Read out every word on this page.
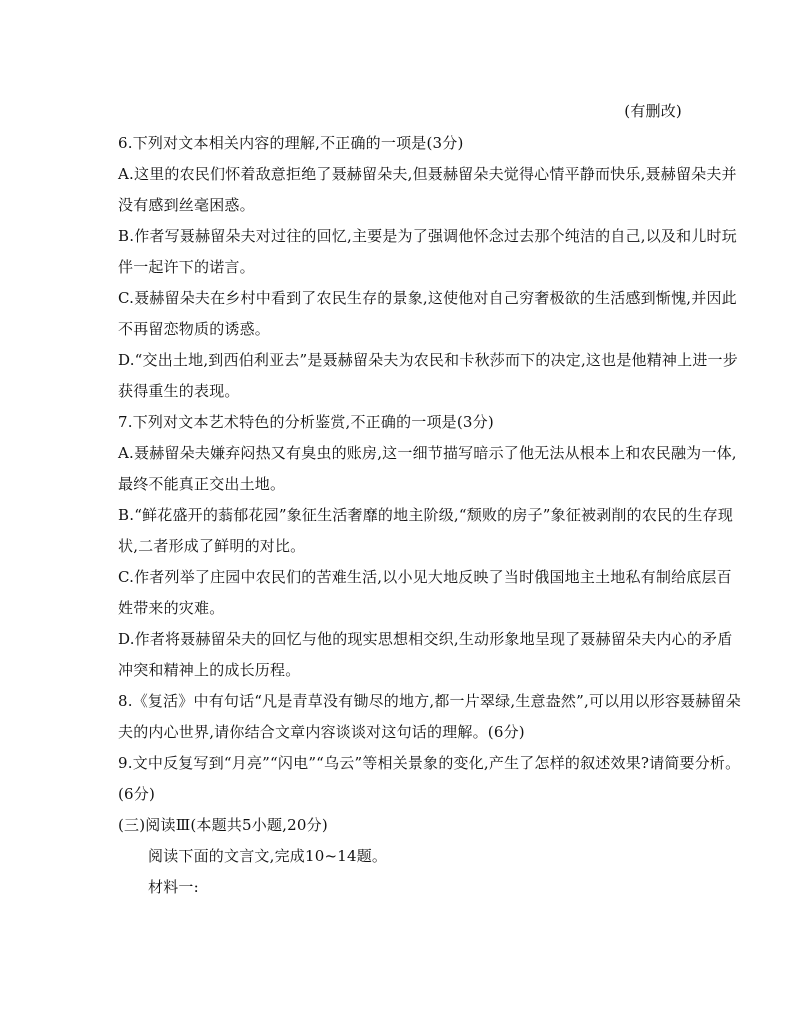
(有删改)
6.下列对文本相关内容的理解,不正确的一项是(3分)
A.这里的农民们怀着敌意拒绝了聂赫留朵夫,但聂赫留朵夫觉得心情平静而快乐,聂赫留朵夫并
没有感到丝毫困惑。
B.作者写聂赫留朵夫对过往的回忆,主要是为了强调他怀念过去那个纯洁的自己,以及和儿时玩
伴一起许下的诺言。
C.聂赫留朵夫在乡村中看到了农民生存的景象,这使他对自己穷奢极欲的生活感到惭愧,并因此
不再留恋物质的诱惑。
D.“交出土地,到西伯利亚去”是聂赫留朵夫为农民和卡秋莎而下的决定,这也是他精神上进一步
获得重生的表现。
7.下列对文本艺术特色的分析鉴赏,不正确的一项是(3分)
A.聂赫留朵夫嫌弃闷热又有臭虫的账房,这一细节描写暗示了他无法从根本上和农民融为一体,
最终不能真正交出土地。
B.“鲜花盛开的蓊郁花园”象征生活奢靡的地主阶级,“颓败的房子”象征被剥削的农民的生存现
状,二者形成了鲜明的对比。
C.作者列举了庄园中农民们的苦难生活,以小见大地反映了当时俄国地主土地私有制给底层百
姓带来的灾难。
D.作者将聂赫留朵夫的回忆与他的现实思想相交织,生动形象地呈现了聂赫留朵夫内心的矛盾
冲突和精神上的成长历程。
8.《复活》中有句话“凡是青草没有锄尽的地方,都一片翠绿,生意盎然”,可以用以形容聂赫留朵
夫的内心世界,请你结合文章内容谈谈对这句话的理解。(6分)
9.文中反复写到“月亮”“闪电”“乌云”等相关景象的变化,产生了怎样的叙述效果?请简要分析。
(6分)
(三)阅读Ⅲ(本题共5小题,20分)
阅读下面的文言文,完成10~14题。
材料一:
